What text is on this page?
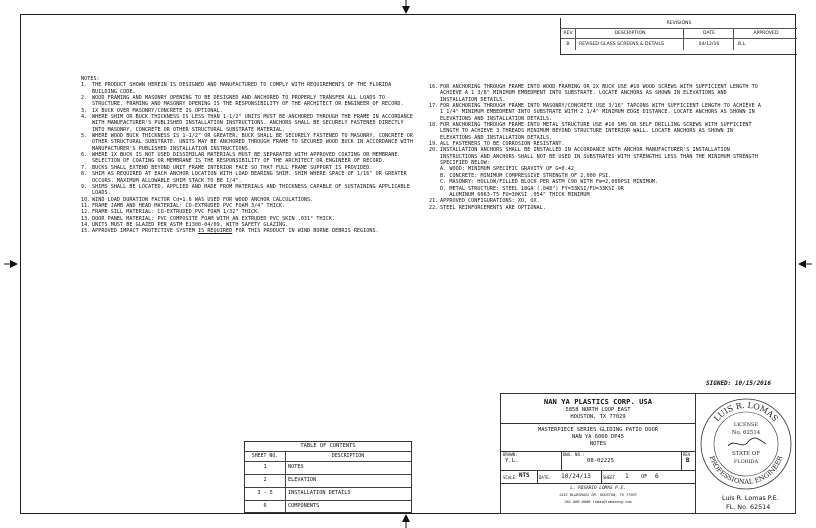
REVISIONS
REV	DESCRIPTION	DATE	APPROVED
B	REVISED GLASS SCREENS & DETAILS	04/12/16	B.L.
NOTES:
1. THE PRODUCT SHOWN HEREIN IS DESIGNED AND MANUFACTURED TO COMPLY WITH REQUIREMENTS OF THE FLORIDA BUILDING CODE.
2. WOOD FRAMING AND MASONRY OPENING TO BE DESIGNED AND ANCHORED TO PROPERLY TRANSFER ALL LOADS TO STRUCTURE. FRAMING AND MASONRY OPENING IS THE RESPONSIBILITY OF THE ARCHITECT OR ENGINEER OF RECORD.
3. 1X BUCK OVER MASONRY/CONCRETE IS OPTIONAL.
4. WHERE SHIM OR BUCK THICKNESS IS LESS THAN 1-1/2" UNITS MUST BE ANCHORED THROUGH THE FRAME IN ACCORDANCE WITH MANUFACTURER'S PUBLISHED INSTALLATION INSTRUCTIONS. ANCHORS SHALL BE SECURELY FASTENED DIRECTLY INTO MASONRY, CONCRETE OR OTHER STRUCTURAL SUBSTRATE MATERIAL.
5. WHERE WOOD BUCK THICKNESS IS 1-1/2" OR GREATER, BUCK SHALL BE SECURELY FASTENED TO MASONRY, CONCRETE OR OTHER STRUCTURAL SUBSTRATE. UNITS MAY BE ANCHORED THROUGH FRAME TO SECURED WOOD BUCK IN ACCORDANCE WITH MANUFACTURER'S PUBLISHED INSTALLATION INSTRUCTIONS.
6. WHERE 1X BUCK IS NOT USED DISSIMILAR MATERIALS MUST BE SEPARATED WITH APPROVED COATING OR MEMBRANE. SELECTION OF COATING OR MEMBRANE IS THE RESPONSIBILITY OF THE ARCHITECT OR ENGINEER OF RECORD.
7. BUCKS SHALL EXTEND BEYOND UNIT FRAME INTERIOR FACE SO THAT FULL FRAME SUPPORT IS PROVIDED.
8. SHIM AS REQUIRED AT EACH ANCHOR LOCATION WITH LOAD BEARING SHIM. SHIM WHERE SPACE OF 1/16" OR GREATER OCCURS. MAXIMUM ALLOWABLE SHIM STACK TO BE 1/4".
9. SHIMS SHALL BE LOCATED, APPLIED AND MADE FROM MATERIALS AND THICKNESS CAPABLE OF SUSTAINING APPLICABLE LOADS.
10. WIND LOAD DURATION FACTOR Cd=1.6 WAS USED FOR WOOD ANCHOR CALCULATIONS.
11. FRAME JAMB AND HEAD MATERIAL: CO-EXTRUDED PVC FOAM 3/4" THICK.
12. FRAME SILL MATERIAL: CO-EXTRUDED PVC FOAM 1/32" THICK.
13. DOOR PANEL MATERIAL: PVC COMPOSITE FOAM WITH AN EXTRUDED PVC SKIN .031" THICK.
14. UNITS MUST BE GLAZED PER ASTM E1300-04/09, WITH SAFETY GLAZING.
15. APPROVED IMPACT PROTECTIVE SYSTEM IS REQUIRED FOR THIS PRODUCT IN WIND BORNE DEBRIS REGIONS.
16. FOR ANCHORING THROUGH FRAME INTO WOOD FRAMING OR 2X BUCK USE #10 WOOD SCREWS WITH SUFFICIENT LENGTH TO ACHIEVE A 1 3/8" MINIMUM EMBEDMENT INTO SUBSTRATE. LOCATE ANCHORS AS SHOWN IN ELEVATIONS AND INSTALLATION DETAILS.
17. FOR ANCHORING THROUGH FRAME INTO MASONRY/CONCRETE USE 3/16" TAPCONS WITH SUFFICIENT LENGTH TO ACHIEVE A 1 1/4" MINIMUM EMBEDMENT INTO SUBSTRATE WITH 2 1/4" MINIMUM EDGE DISTANCE. LOCATE ANCHORS AS SHOWN IN ELEVATIONS AND INSTALLATION DETAILS.
18. FOR ANCHORING THROUGH FRAME INTO METAL STRUCTURE USE #10 SMS OR SELF DRILLING SCREWS WITH SUFFICIENT LENGTH TO ACHIEVE 3 THREADS MINIMUM BEYOND STRUCTURE INTERIOR WALL. LOCATE ANCHORS AS SHOWN IN ELEVATIONS AND INSTALLATION DETAILS.
19. ALL FASTENERS TO BE CORROSION RESISTANT.
20. INSTALLATION ANCHORS SHALL BE INSTALLED IN ACCORDANCE WITH ANCHOR MANUFACTURER'S INSTALLATION INSTRUCTIONS AND ANCHORS SHALL NOT BE USED IN SUBSTRATES WITH STRENGTHS LESS THAN THE MINIMUM STRENGTH SPECIFIED BELOW:
A. WOOD: MINIMUM SPECIFIC GRAVITY OF G=0.42
B. CONCRETE: MINIMUM COMPRESSIVE STRENGTH OF 2,000 PSI.
C. MASONRY: HOLLOW/FILLED BLOCK PER ASTM C90 WITH Fm=2,000PSI MINIMUM.
D. METAL STRUCTURE: STEEL 18GA (.048") FY=33KSI/FU=33KSI OR
ALUMINUM 6063-T5 FU=30KSI .054" THICK MINIMUM
21. APPROVED CONFIGURATIONS: XO, OX.
22. STEEL REINFORCEMENTS ARE OPTIONAL.
SIGNED: 10/15/2016
TABLE OF CONTENTS
SHEET NO.	DESCRIPTION
1	NOTES
2	ELEVATION
3 - 5	INSTALLATION DETAILS
6	COMPONENTS
NAN YA PLASTICS CORP. USA
5858 NORTH LOOP EAST
HOUSTON, TX 77029
MASTERPIECE SERIES GLIDING PATIO DOOR
NAN YA 6060 DP45
NOTES
DRAWN:
Y.L.
DWG. NO.:
08-02225
REV
B
SCALE: NTS DATE: 10/24/13	SHEET 1 OF 6
L. ROSARIO LOMAS P.E.
1432 BLUEGRASS DR. HOUSTON, TX 77057
281-000-0000 lomas@lomaseng.com
LUIS R. LOMAS
PROFESSIONAL ENGINEER
LICENSE
No. 62514
STATE OF
FLORIDA
Luis R. Lomas P.E.
FL. No. 62514
